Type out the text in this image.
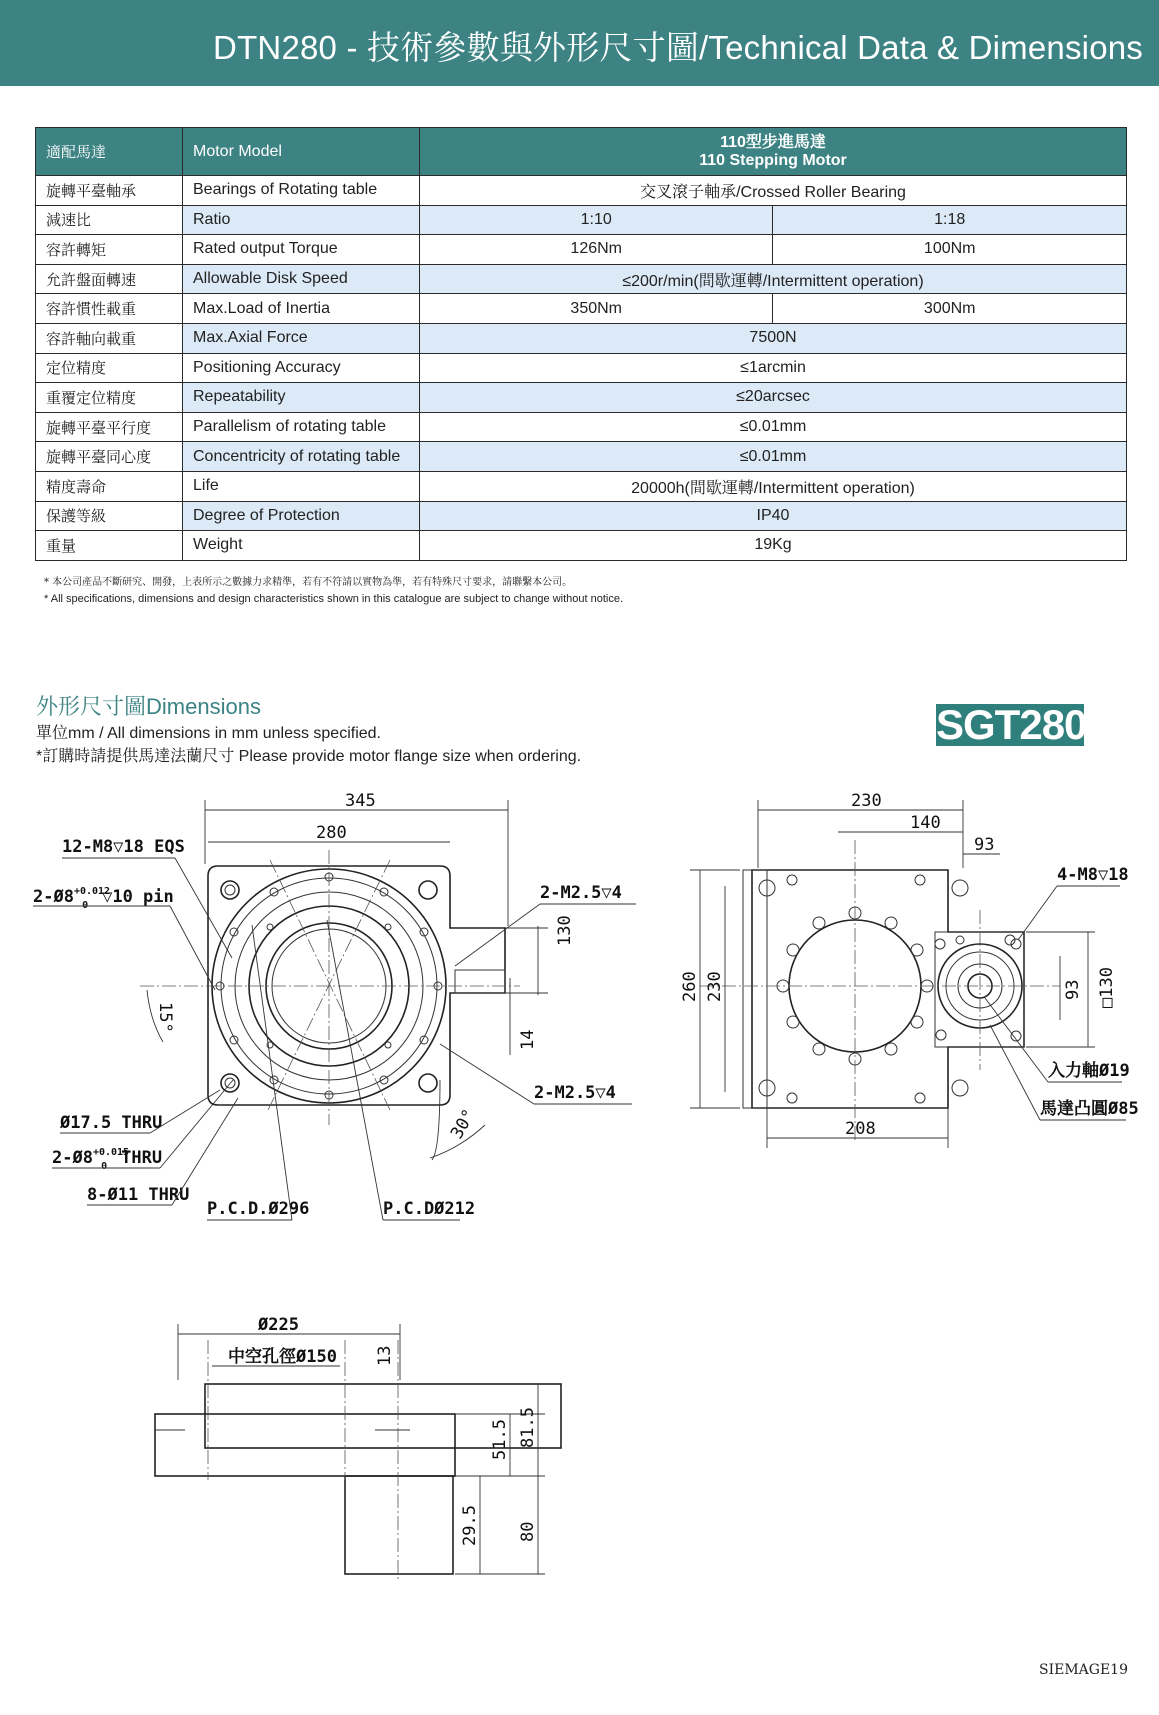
DTN280 - 技術參數與外形尺寸圖/Technical Data & Dimensions
適配馬達	Motor Model	110型步進馬達
110 Stepping Motor	

旋轉平臺軸承	Bearings of Rotating table	交叉滾子軸承/Crossed Roller Bearing	
減速比	Ratio	1:10	1:18
容許轉矩	Rated output Torque	126Nm	100Nm
允許盤面轉速	Allowable Disk Speed	≤200r/min(間歇運轉/Intermittent operation)	
容許慣性載重	Max.Load of Inertia	350Nm	300Nm
容許軸向載重	Max.Axial Force	7500N	
定位精度	Positioning Accuracy	≤1arcmin	
重覆定位精度	Repeatability	≤20arcsec	
旋轉平臺平行度	Parallelism of rotating table	≤0.01mm	
旋轉平臺同心度	Concentricity of rotating table	≤0.01mm	
精度壽命	Life	20000h(間歇運轉/Intermittent operation)	
保護等級	Degree of Protection	IP40	
重量	Weight	19Kg	
* 本公司產品不斷研究、開發，上表所示之數據力求精準，若有不符請以實物為準，若有特殊尺寸要求，請聯繫本公司。
* All specifications, dimensions and design characteristics shown in this catalogue are subject to change without notice.
外形尺寸圖Dimensions
單位mm / All dimensions in mm unless specified.
*訂購時請提供馬達法蘭尺寸 Please provide motor flange size when ordering.
SGT280
345
280
12-M8▽18 EQS
$2-Ø8^{+0.012}$ 0 ▽10 pin
15°
Ø17.5 THRU
$2-Ø8^{+0.015}$ 0 THRU
8-Ø11 THRU
P.C.D.Ø296	P.C.DØ212
2-M2.5▽4
2-M2.5▽4
130
14
30°
230
140
93
4-M8▽18
260 230	□130
93
入力軸Ø19
馬達凸圓Ø85
208
Ø225
中空孔徑Ø150 13
51.5 81.5
29.5 80
SIEMAGE19
